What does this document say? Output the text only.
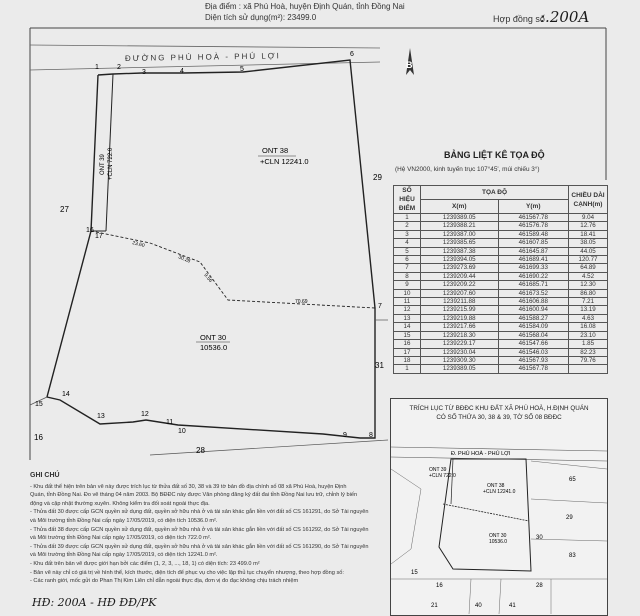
Địa điểm : xã Phú Hoà, huyện Định Quán, tỉnh Đồng Nai
Diện tích sử dụng(m²): 23499.0	Hợp đồng số
:.200A
ĐƯỜNG PHÚ HOÀ - PHÚ LỢI
B
1	2
3	4	5
6
7
8
9
10
11
12
13
14
15
16
17
27
29
31
28
16
23.60
30.28
9.56
70.69
ONT 38
+CLN 12241.0
ONT 30
10536.0
ONT 39 +CLN 722.0	BẢNG LIỆT KÊ TỌA ĐỘ
(Hệ VN2000, kinh tuyến trục 107°45', múi chiếu 3°)
SỐ HIỆU ĐIỂM	TỌA ĐỘ		CHIỀU DÀI CẠNH(m)
	X(m)	Y(m)	
1	1239389.05	461567.78	9.04
2	1239388.21	461576.78	12.76
3	1239387.00	461589.48	18.41
4	1239385.65	461607.85	38.05
5	1239387.38	461645.87	44.05
6	1239394.05	461689.41	120.77
7	1239273.69	461699.33	64.89
8	1239209.44	461690.22	4.52
9	1239209.22	461685.71	12.30
10	1239207.60	461673.52	86.80
11	1239211.88	461606.88	7.21
12	1239215.99	461600.94	13.19
13	1239219.88	461588.27	4.63
14	1239217.66	461584.09	16.08
15	1239218.30	461568.04	23.10
16	1239229.17	461547.66	1.85
17	1239230.04	461546.03	82.23
18	1239309.30	461567.93	79.76
1	1239389.05	461567.78	
TRÍCH LỤC TỪ BĐĐC KHU ĐẤT XÃ PHÚ HOÀ, H.ĐỊNH QUÁN
CÓ SỐ THỬA 30, 38 & 39, TỜ SỐ 08 BĐĐC
Đ. PHÚ HOÀ - PHÚ LỢI
ONT 39
+CLN 722.0
ONT 38
+CLN 12241.0
ONT 30
10536.0
65
29
30
83
15
16	28
21	40	41

GHI CHÚ

- Khu đất thể hiện trên bản vẽ này được trích lục từ thửa đất số 30, 38 và 39 tờ bản đồ địa chính số 08 xã Phú Hoà, huyện Định

Quán, tỉnh Đồng Nai. Đo vẽ tháng 04 năm 2003. Bộ BĐĐC này được Văn phòng đăng ký đất đai tỉnh Đồng Nai lưu trữ, chỉnh lý biến

động và cập nhật thường xuyên. Không kiểm tra đối soát ngoài thực địa.

- Thửa đất 30 được cấp GCN quyền sử dụng đất, quyền sở hữu nhà ở và tài sản khác gắn liền với đất số CS 161291, do Sở Tài nguyên

và Môi trường tỉnh Đồng Nai cấp ngày 17/05/2019, có diện tích 10536.0 m².

- Thửa đất 38 được cấp GCN quyền sử dụng đất, quyền sở hữu nhà ở và tài sản khác gắn liền với đất số CS 161292, do Sở Tài nguyên

và Môi trường tỉnh Đồng Nai cấp ngày 17/05/2019, có diện tích 722.0 m².

- Thửa đất 39 được cấp GCN quyền sử dụng đất, quyền sở hữu nhà ở và tài sản khác gắn liền với đất số CS 161290, do Sở Tài nguyên

và Môi trường tỉnh Đồng Nai cấp ngày 17/05/2019, có diện tích 12241.0 m².

- Khu đất trên bản vẽ được giới hạn bởi các điểm (1, 2, 3, ..., 18, 1) có diện tích: 23 499.0 m²

- Bản vẽ này chỉ có giá trị về hình thể, kích thước, diện tích để phục vụ cho việc lập thủ tục chuyển nhượng, theo hợp đồng số:

- Các ranh giới, mốc gửi do Phan Thị Kim Liên chỉ dẫn ngoài thực địa, đơn vị đo đạc không chịu trách nhiệm

HĐ: 200A - HĐ ĐĐ/PK
